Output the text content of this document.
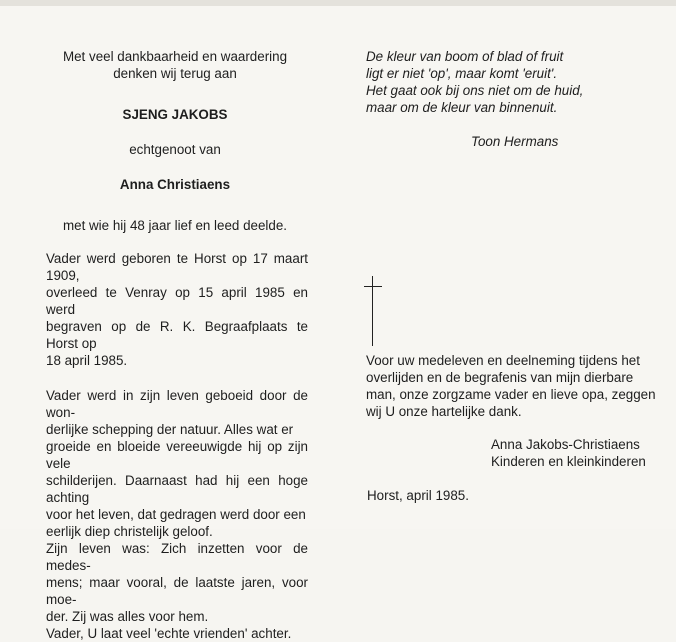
Met veel dankbaarheid en waardering
denken wij terug aan
SJENG JAKOBS
echtgenoot van
Anna Christiaens
met wie hij 48 jaar lief en leed deelde.

Vader werd geboren te Horst op 17 maart 1909,
overleed te Venray op 15 april 1985 en werd
begraven op de R. K. Begraafplaats te Horst op
18 april 1985.

Vader werd in zijn leven geboeid door de won-
derlijke schepping der natuur. Alles wat er
groeide en bloeide vereeuwigde hij op zijn vele
schilderijen. Daarnaast had hij een hoge achting
voor het leven, dat gedragen werd door een
eerlijk diep christelijk geloof.
Zijn leven was: Zich inzetten voor de medes-
mens; maar vooral, de laatste jaren, voor moe-
der. Zij was alles voor hem.
Vader, U laat veel 'echte vrienden' achter.

De kleur van boom of blad of fruit
ligt er niet 'op', maar komt 'eruit'.
Het gaat ook bij ons niet om de huid,
maar om de kleur van binnenuit.
Toon Hermans
Voor uw medeleven en deelneming tijdens het
overlijden en de begrafenis van mijn dierbare
man, onze zorgzame vader en lieve opa, zeggen
wij U onze hartelijke dank.
Anna Jakobs-Christiaens
Kinderen en kleinkinderen
Horst, april 1985.
